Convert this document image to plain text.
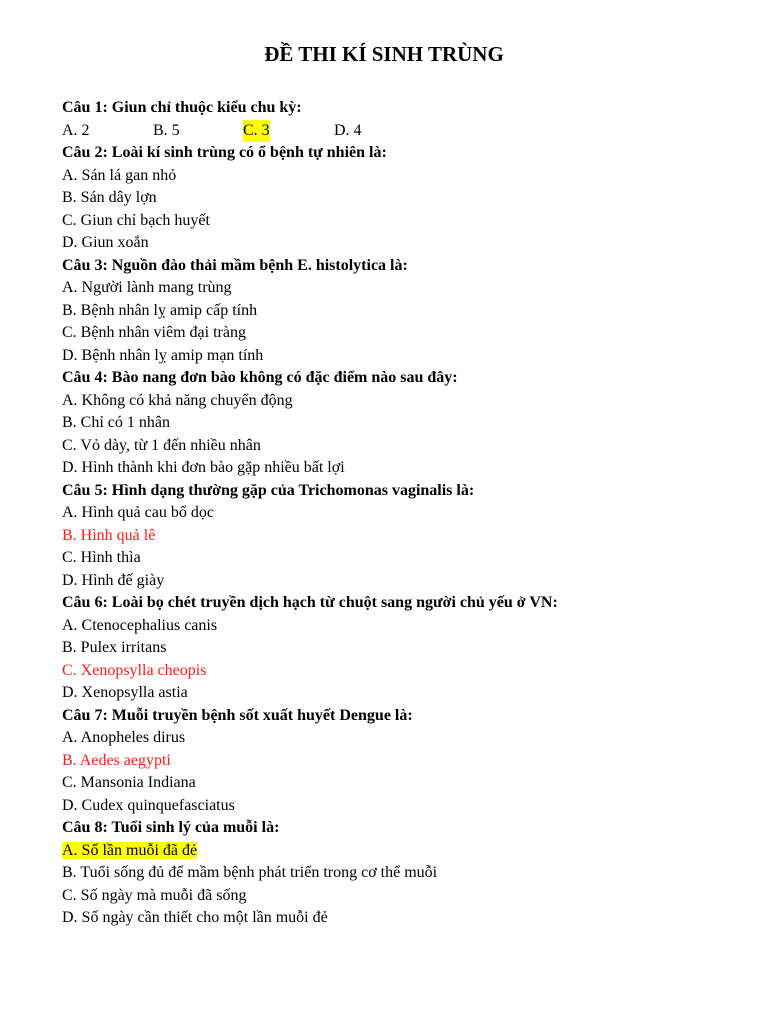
ĐỀ THI KÍ SINH TRÙNG
Câu 1: Giun chỉ thuộc kiểu chu kỳ:
A. 2	B. 5	C. 3	D. 4
Câu 2: Loài kí sinh trùng có ổ bệnh tự nhiên là:
A. Sán lá gan nhỏ
B. Sán dây lợn
C. Giun chỉ bạch huyết
D. Giun xoắn
Câu 3: Nguồn đào thải mầm bệnh E. histolytica là:
A. Người lành mang trùng
B. Bệnh nhân lỵ amip cấp tính
C. Bệnh nhân viêm đại tràng
D. Bệnh nhân lỵ amip mạn tính
Câu 4: Bào nang đơn bào không có đặc điểm nào sau đây:
A. Không có khả năng chuyển động
B. Chỉ có 1 nhân
C. Vỏ dày, từ 1 đến nhiều nhân
D. Hình thành khi đơn bào gặp nhiều bất lợi
Câu 5: Hình dạng thường gặp của Trichomonas vaginalis là:
A. Hình quả cau bổ dọc
B. Hình quả lê
C. Hình thìa
D. Hình đế giày
Câu 6: Loài bọ chét truyền dịch hạch từ chuột sang người chủ yếu ở VN:
A. Ctenocephalius canis
B. Pulex irritans
C. Xenopsylla cheopis
D. Xenopsylla astia
Câu 7: Muỗi truyền bệnh sốt xuất huyết Dengue là:
A. Anopheles dirus
B. Aedes aegypti
C. Mansonia Indiana
D. Cudex quinquefasciatus
Câu 8: Tuổi sinh lý của muỗi là:
A. Số lần muỗi đã đẻ
B. Tuổi sống đủ để mầm bệnh phát triển trong cơ thể muỗi
C. Số ngày mà muỗi đã sống
D. Số ngày cần thiết cho một lần muỗi đẻ
